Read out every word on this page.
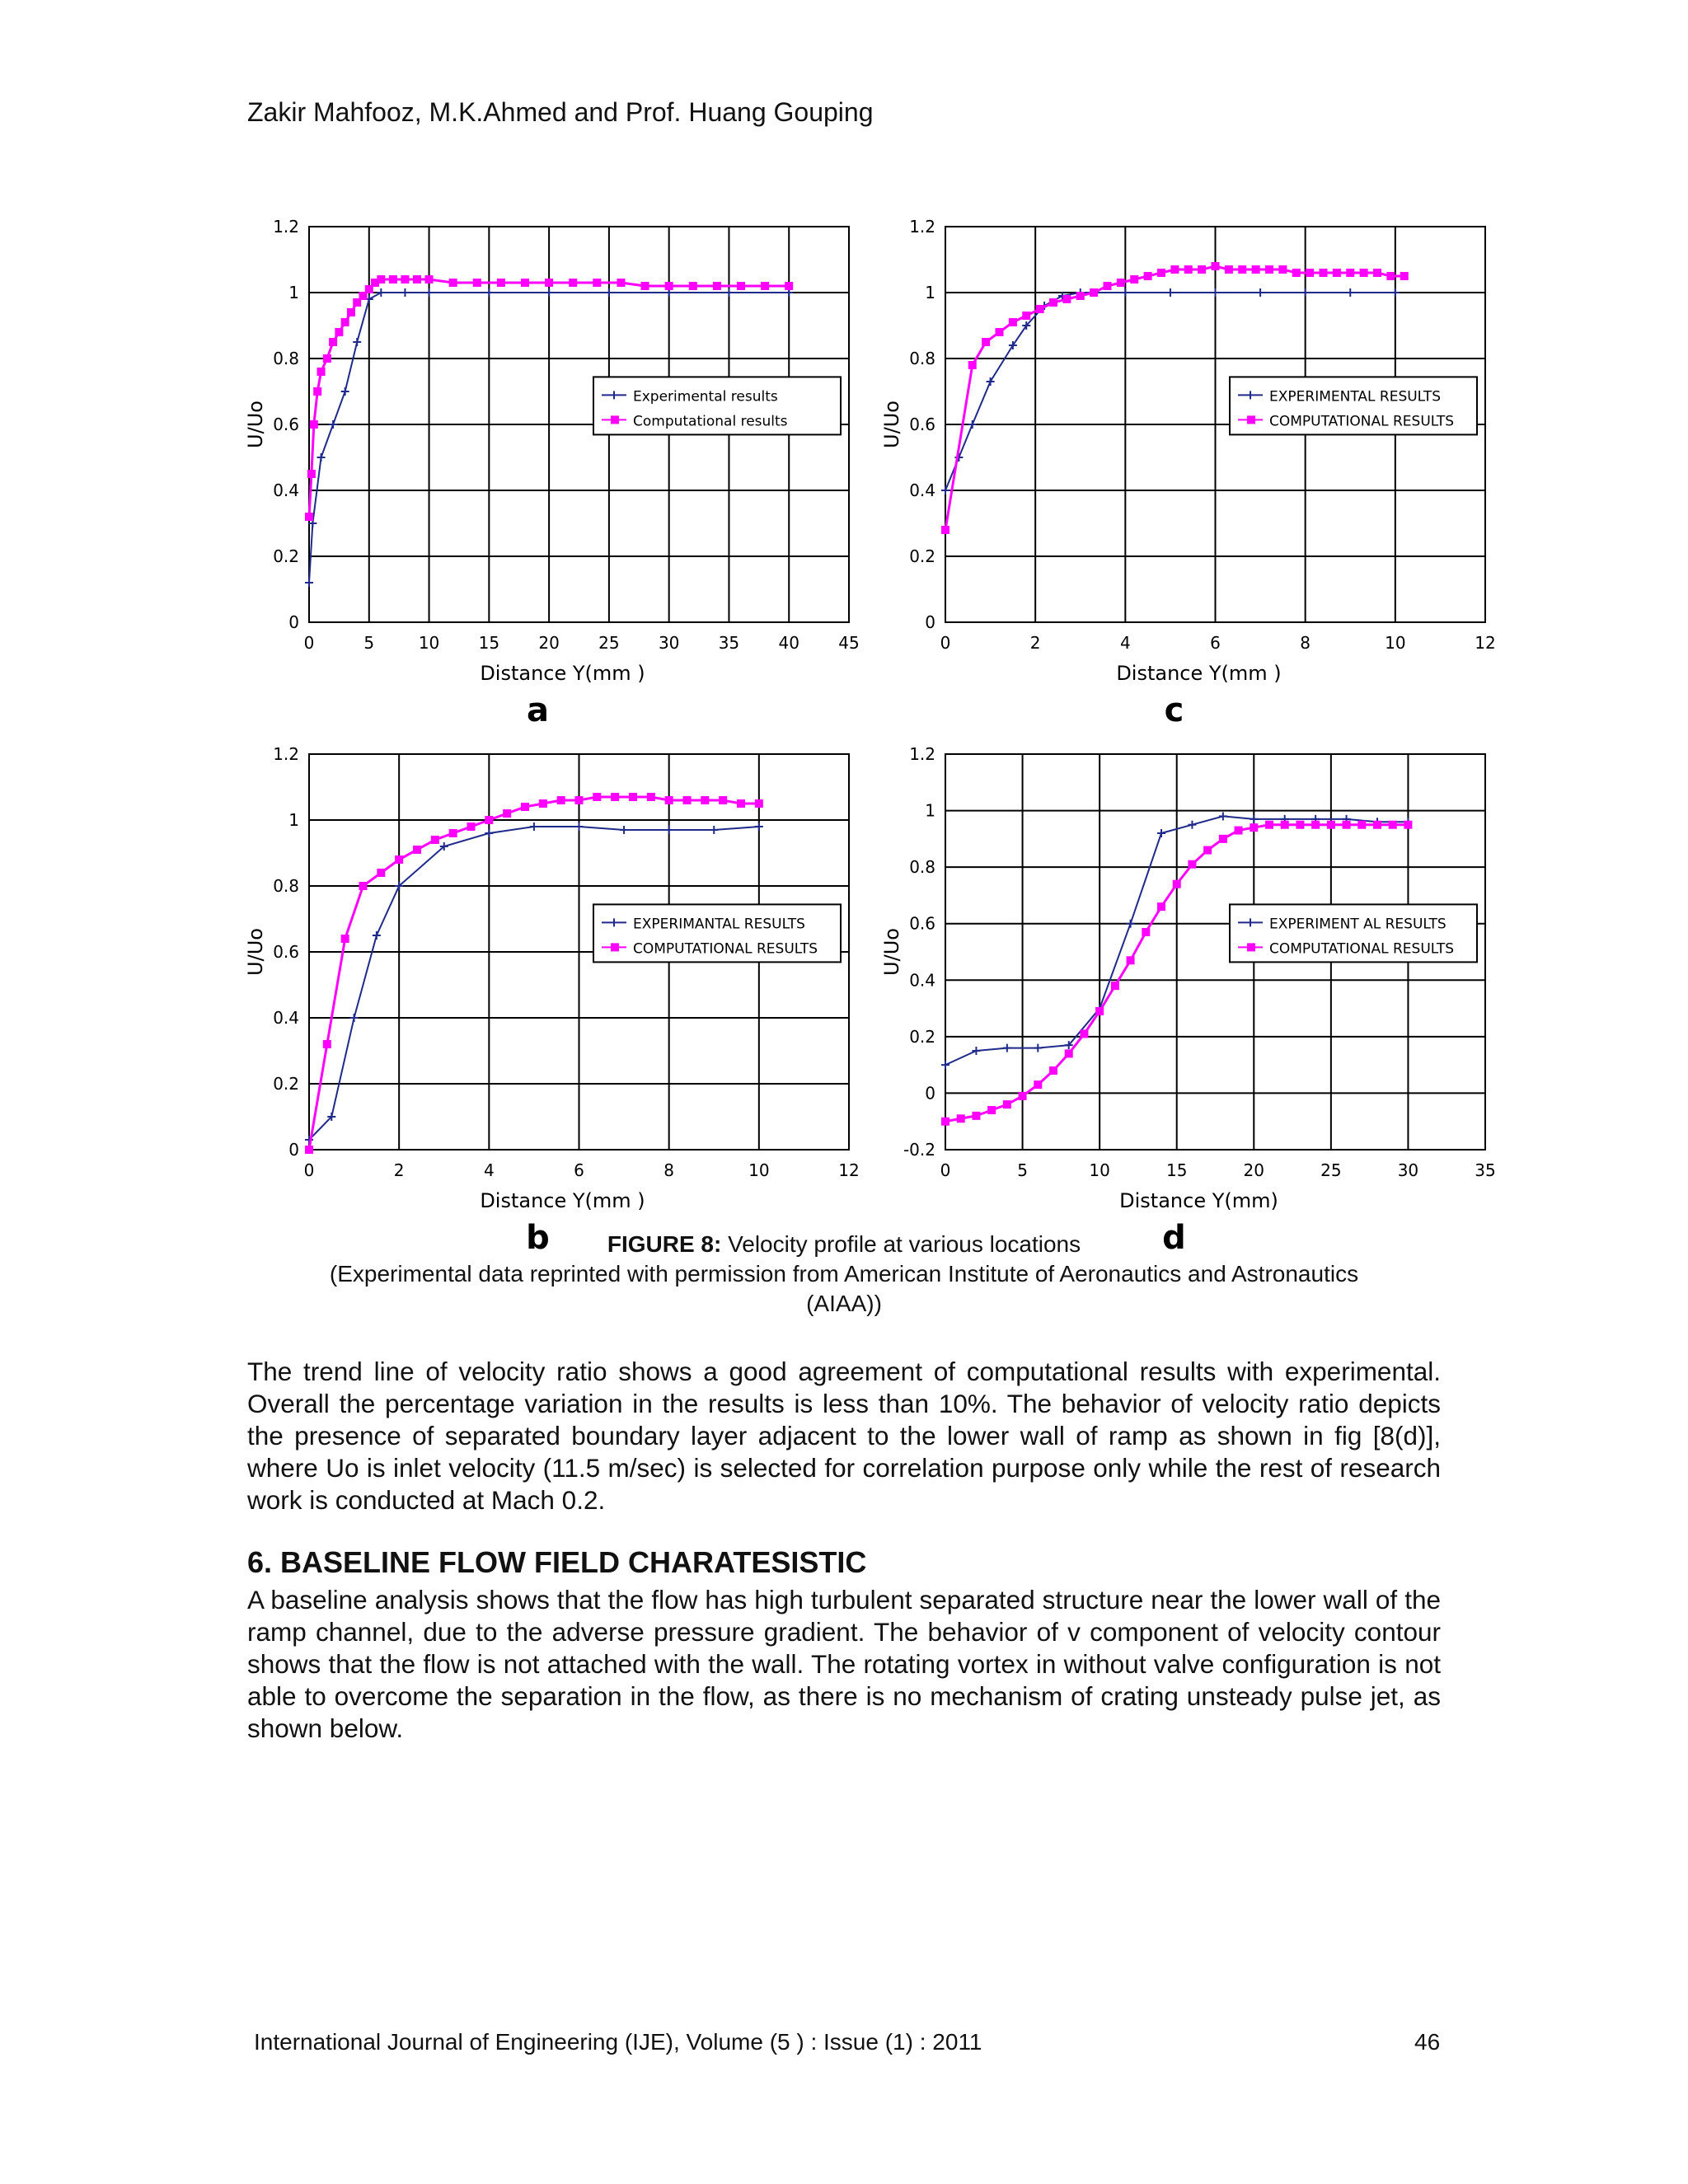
Zakir Mahfooz, M.K.Ahmed and Prof. Huang Gouping
0	5	10 15 20 25 30 35 40 45
0
0.2
0.4
0.6
0.8
1
1.2
Distance Y(mm )
U/Uo
Experimental results
Computational results
a
0	2	4	6	8	10	12
0
0.2
0.4
0.6
0.8
1
1.2
Distance Y(mm )
U/Uo
EXPERIMENTAL RESULTS
COMPUTATIONAL RESULTS
c
0	2	4	6	8	10	12
0
0.2
0.4
0.6
0.8
1
1.2
Distance Y(mm )
U/Uo
EXPERIMANTAL RESULTS
COMPUTATIONAL RESULTS
b
0	5	10	15	20	25	30	35
-0.2
0
0.2
0.4
0.6
0.8
1
1.2
Distance Y(mm)
U/Uo
EXPERIMENT AL RESULTS
COMPUTATIONAL RESULTS
d
FIGURE 8: Velocity profile at various locations
(Experimental data reprinted with permission from American Institute of Aeronautics and Astronautics
(AIAA))
The trend line of velocity ratio shows a good agreement of computational results with experimental. Overall the percentage variation in the results is less than 10%. The behavior of velocity ratio depicts the presence of separated boundary layer adjacent to the lower wall of ramp as shown in fig [8(d)], where Uo is inlet velocity (11.5 m/sec) is selected for correlation purpose only while the rest of research work is conducted at Mach 0.2.
6. BASELINE FLOW FIELD CHARATESISTIC
A baseline analysis shows that the flow has high turbulent separated structure near the lower wall of the ramp channel, due to the adverse pressure gradient. The behavior of v component of velocity contour shows that the flow is not attached with the wall. The rotating vortex in without valve configuration is not able to overcome the separation in the flow, as there is no mechanism of crating unsteady pulse jet, as shown below.
International Journal of Engineering (IJE), Volume (5 ) : Issue (1) : 2011	46
